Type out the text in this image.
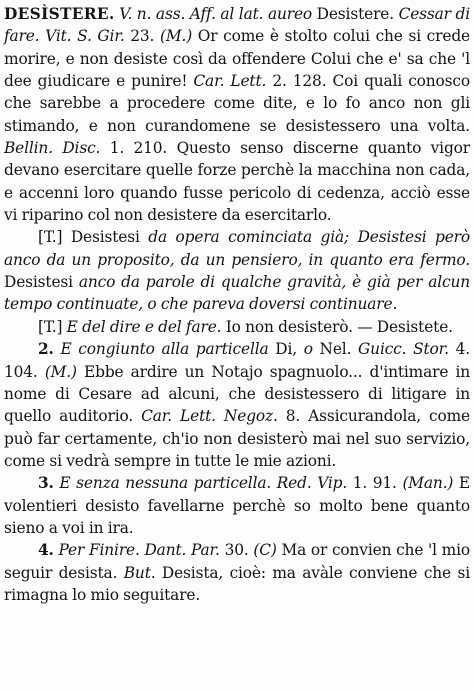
DESÌSTERE. V. n. ass. Aff. al lat. aureo Desistere. Cessar di fare. Vit. S. Gir. 23. (M.) Or come è stolto colui che si crede morire, e non desiste così da offendere Colui che e' sa che 'l dee giudicare e punire! Car. Lett. 2. 128. Coi quali conosco che sarebbe a procedere come dite, e lo fo anco non gli stimando, e non curandomene se desistessero una volta. Bellin. Disc. 1. 210. Questo senso discerne quanto vigor devano esercitare quelle forze perchè la macchina non cada, e accenni loro quando fusse pericolo di cedenza, acciò esse vi riparino col non desistere da esercitarlo.

[T.] Desistesi da opera cominciata già; Desistesi però anco da un proposito, da un pensiero, in quanto era fermo. Desistesi anco da parole di qualche gravità, è già per alcun tempo continuate, o che pareva doversi continuare.

[T.] E del dire e del fare. Io non desisterò. — Desistete.

2. E congiunto alla particella Di, o Nel. Guicc. Stor. 4. 104. (M.) Ebbe ardire un Notajo spagnuolo... d'intimare in nome di Cesare ad alcuni, che desistessero di litigare in quello auditorio. Car. Lett. Negoz. 8. Assicurandola, come può far certamente, ch'io non desisterò mai nel suo servizio, come si vedrà sempre in tutte le mie azioni.

3. E senza nessuna particella. Red. Vip. 1. 91. (Man.) E volentieri desisto favellarne perchè so molto bene quanto sieno a voi in ira.

4. Per Finire. Dant. Par. 30. (C) Ma or convien che 'l mio seguir desista. But. Desista, cioè: ma avàle conviene che si rimagna lo mio seguitare.
